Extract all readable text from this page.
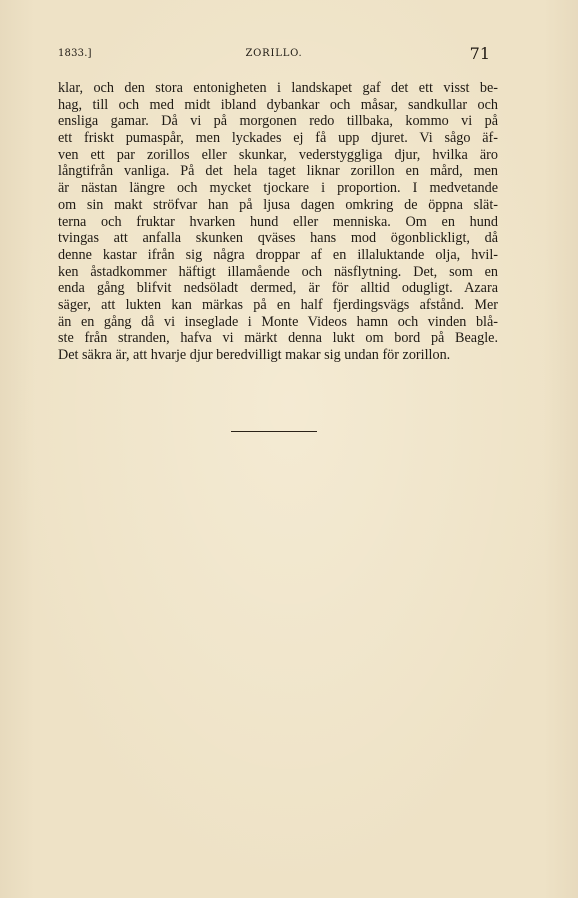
1833.]	ZORILLO.	71
klar, och den stora entonigheten i landskapet gaf det ett visst be-
hag, till och med midt ibland dybankar och måsar, sandkullar och
ensliga gamar. Då vi på morgonen redo tillbaka, kommo vi på
ett friskt pumaspår, men lyckades ej få upp djuret. Vi sågo äf-
ven ett par zorillos eller skunkar, vederstyggliga djur, hvilka äro
långtifrån vanliga. På det hela taget liknar zorillon en mård, men
är nästan längre och mycket tjockare i proportion. I medvetande
om sin makt ströfvar han på ljusa dagen omkring de öppna slät-
terna och fruktar hvarken hund eller menniska. Om en hund
tvingas att anfalla skunken qväses hans mod ögonblickligt, då
denne kastar ifrån sig några droppar af en illaluktande olja, hvil-
ken åstadkommer häftigt illamående och näsflytning. Det, som en
enda gång blifvit nedsöladt dermed, är för alltid odugligt. Azara
säger, att lukten kan märkas på en half fjerdingsvägs afstånd. Mer
än en gång då vi inseglade i Monte Videos hamn och vinden blå-
ste från stranden, hafva vi märkt denna lukt om bord på Beagle.
Det säkra är, att hvarje djur beredvilligt makar sig undan för zorillon.
